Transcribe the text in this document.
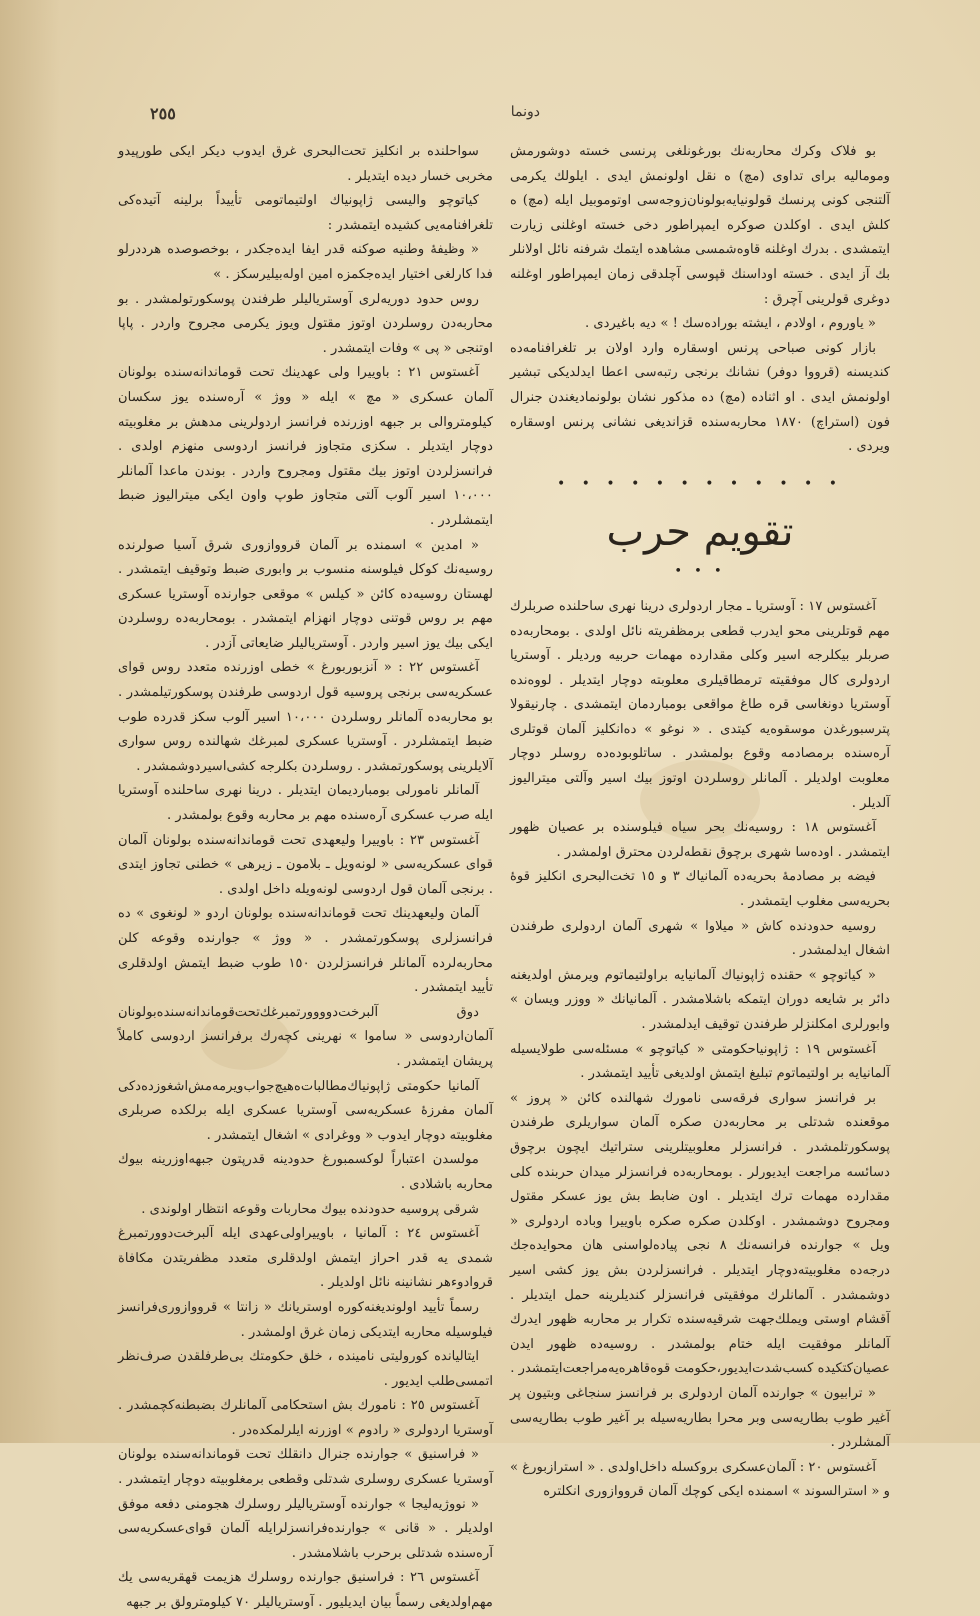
دونما
٢٥٥

بو فلاک وکرك محاربه‌نك بورغونلغی پرنسی خسته دوشورمش وموماليه برای تداوی (مچ) ه نقل اولونمش ايدی . ايلولك يکرمی آلتنجی کونی پرنسك قولونيا‌يه‌بولونان‌زوجه‌سی اوتوموبيل ايله (مچ) ه کلش ايدی . اوکلدن صوکره ايمپراطور دخی خسته اوغلنی زيارت ايتمشدی . بدرك اوغلنه قاوه‌شمسی مشاهده ايتمك شرفنه نائل اولانلر بك آز ايدی . خسته اوداسنك قپوسی آچلدقی زمان ايمپراطور اوغلنه دوغری قولرينی آچرق :

« ياوروم ، اولادم ، ايشته بوراده‌سك ! » ديه باغيردی .

بازار کونی صباحی پرنس اوسقاره وارد اولان بر تلغرافنامه‌ده کنديسنه (قرووا دوفر) نشانك برنجی رتبه‌سی اعطا ايدلديکی تبشير اولونمش ايدی . او اثناده (مچ) ده مذکور نشان بولونماديغندن جنرال فون (استراچ) ١٨٧٠ محاربه‌سنده قزانديغی نشانی پرنس اوسقاره ويردی .

• • • • • • • • • • • •
تقويم حرب
• • •

آغستوس ١٧ : آوستريا ـ مجار اردولری درينا نهری ساحلنده صربلرك مهم قوتلرينی محو ايدرب قطعی برمظفريته نائل اولدی . بومحاربه‌ده صربلر بيکلرجه اسير وکلی مقدارده مهمات حربيه ورديلر . آوستريا اردولری کال موفقيته ترمطاقيلری معلوبته دوچار ايتديلر . لووه‌نده آوستريا دونغاسی قره طاغ مواقعی بومباردمان ايتمشدی . چارنيقولا پترسبورغدن موسقوه‌يه کيتدی . « نوغو » ده‌انکليز آلمان قوتلری آره‌سنده برمصادمه وقوع بولمشدر . ساتلوبوده‌ده روسلر دوچار معلوبت اولديلر . آلمانلر روسلردن اوتوز بيك اسير وآلتی ميتراليوز آلديلر .

آغستوس ١٨ : روسيه‌نك بحر سياه فيلوسنده بر عصيان ظهور ايتمشدر . اوده‌سا شهری برچوق نقطه‌لردن محترق اولمشدر .

فيضه بر مصادمهٔ بحريه‌ده آلمانياك ٣ و ١٥ تخت‌البحری انکليز قوهٔ بحريه‌سی مغلوب ايتمشدر .

روسيه حدودنده کاش « ميلاوا » شهری آلمان اردولری طرفندن اشغال ايدلمشدر .

« کياتوچو » حقنده ژاپونياك آلمانيايه براولتيماتوم ويرمش اولديغنه دائر بر شايعه دوران ايتمکه باشلامشدر . آلمانيانك « ووزر ويسان » وابورلری امکلنزلر طرفندن توقيف ايدلمشدر .

آغستوس ١٩ : ژاپونياحکومتی « کياتوچو » مسئله‌سی طولايسيله آلمانيايه بر اولتيماتوم تبليغ ايتمش اولديغی تأييد ايتمشدر .

بر فرانسز سواری فرقه‌سی نامورك شهالنده کائن « پروز » موقعنده شدتلی بر محاربه‌دن صکره آلمان سواريلری طرفندن پوسکورتلمشدر . فرانسزلر معلوبيتلرينی ستراتيك ايچون برچوق دسائسه‌ مراجعت ايديورلر . بومحاربه‌ده فرانسزلر ميدان حربنده کلی مقدارده مهمات ترك ايتديلر . اون ضابط بش يوز عسکر مقتول ومجروح دوشمشدر . اوکلدن صکره صکره باوييرا وباده اردولری « ويل » جوارنده فرانسه‌نك ٨ نجی پياده‌لواسنی هان محوايده‌جك درجه‌ده مغلوبيته‌دوچار ايتديلر . فرانسزلردن بش يوز کشی اسير دوشمشدر . آلمانلرك موفقيتی فرانسزلر کنديلرينه حمل ايتديلر . آقشام اوستی ويملك‌جهت شرقيه‌سنده تکرار بر محاربه ظهور ايدرك آلمانلر موفقيت ايله ختام بولمشدر . روسيه‌ده ظهور ايدن عصيان‌کتکيده کسب‌شدت‌ايديور،حکومت قوه‌قاهره‌يه‌مراجعت‌ايتمشدر .

« ترابيون » جوارنده آلمان اردولری بر فرانسز سنجاغی وبتيون پر آغير طوب بطاريه‌سی وبر محرا بطاريه‌سيله بر آغير طوب بطاريه‌سی آلمشلردر .

آغستوس ٢٠ : آلمان‌عسکری بروکسله داخل‌اولدی . « استرازبورغ » و « استرالسوند » اسمنده ايکی کوچك آلمان قرووازوری انکلتره

سواحلنده بر انکليز تحت‌البحری غرق ايدوب ديکر ايکی طورپيدو مخربی خسار ديده ايتديلر .

کياتوچو واليسی ژاپونياك اولتيماتومی تأييداً برلينه آتيده‌کی تلغرافنامه‌يی کشيده ايتمشدر :

« وظيفهٔ وطنيه صوکنه قدر ايفا ايده‌جکدر ، بوخصوصده هرددرلو فدا کارلغی اختيار ايده‌جکمزه امين اوله‌بيليرسکز . »

روس حدود دوريه‌لری آوستريالیلر طرفندن پوسکورتولمشدر . بو محاربه‌دن روسلردن اوتوز مقتول ويوز يکرمی مجروح واردر . پاپا اوتنجی « پی » وفات ايتمشدر .

آغستوس ٢١ : باوييرا ولی عهدينك تحت قوماندانه‌سنده بولونان آلمان عسکری « مچ » ايله « ووژ » آره‌سنده يوز سکسان کيلومتروالی بر جبهه اوزرنده فرانسز اردولرينی مدهش بر مغلوبيته دوچار ايتديلر . سکزی متجاوز فرانسز اردوسی منهزم اولدی . فرانسزلردن اوتوز بيك مقتول ومجروح واردر . بوندن ماعدا آلمانلر ١٠،٠٠٠ اسير آلوب آلتی متجاوز طوپ واون ايکی ميتراليوز ضبط ايتمشلردر .

« امدين » اسمنده بر آلمان قرووازوری شرق آسيا صولرنده روسيه‌نك کوکل فيلوسنه منسوب بر وابوری ضبط وتوقيف ايتمشدر . لهستان روسيه‌ده کائن « کيلس » موقعی جوارنده آوستريا عسکری مهم بر روس قوتنی دوچار انهزام ايتمشدر . بومحاربه‌ده روسلردن ايکی بيك يوز اسير واردر . آوستريالیلر ضايعاتی آزدر .

آغستوس ٢٢ : « آنزبوربورغ » خطی اوزرنده متعدد روس قوای عسکريه‌سی برنجی پروسيه قول اردوسی طرفندن پوسکورتيلمشدر . بو محاربه‌ده آلمانلر روسلردن ١٠،٠٠٠ اسير آلوب سکز قدرده طوب ضبط ايتمشلردر . آوستريا عسکری لمبرغك شهالنده روس سواری آلايلرينی پوسکورتمشدر . روسلردن بکلرجه کشی‌اسيردوشمشدر .

آلمانلر نامورلی بومبارديمان ايتديلر . درينا نهری ساحلنده آوستريا ايله صرب عسکری آره‌سنده مهم بر محاربه وقوع بولمشدر .

آغستوس ٢٣ : باوييرا ولیعهدی تحت قوماندانه‌سنده بولونان آلمان قوای عسکريه‌سی « لونه‌ويل ـ بلامون ـ زيرهی » خطنی تجاوز ايتدی . برنجی آلمان قول اردوسی لونه‌ويله داخل اولدی .

آلمان وليعهدينك تحت قوماندانه‌سنده بولونان اردو « لونغوی » ده فرانسزلری پوسکورتمشدر . « ووژ » جوارنده وقوعه کلن محاربه‌لرده آلمانلر فرانسزلردن ١٥٠ طوب ضبط ايتمش اولدقلری تأييد ايتمشدر .

دوق آلبرخت‌دوووورتمبرغك‌تحت‌قوماندانه‌سنده‌بولونان آلمان‌اردوسی « ساموا » نهرينی کچه‌رك برفرانسز اردوسی کاملاً پريشان ايتمشدر .

آلمانيا حکومتی ژاپونياك‌مطالبات‌ه‌هيچ‌جواب‌ويرمه‌مش‌اشغوزده‌دکی آلمان مفرزهٔ عسکريه‌سی آوستريا عسکری ايله برلکده صربلری مغلوبيته دوچار ايدوب « ووغرادی » اشغال ايتمشدر .

مولسدن اعتباراً لوکسمبورغ حدودينه قدرپتون جبهه‌اوزرينه بيوك محاربه باشلادی .

شرقی پروسيه حدودنده بيوك محاربات وقوعه انتظار اولوندی .

آغستوس ٢٤ : آلمانيا ، باوييراولی‌عهدی ايله آلبرخت‌دوورتمبرغ شمدی يه قدر احراز ايتمش اولدقلری متعدد مظفريتدن مکافاة قروادوءهر نشانينه نائل اولديلر .

رسماً تأييد اولونديغنه‌کوره اوستريانك « زانتا » قرووازوری‌فرانسز فيلوسيله محاربه ايتديکی زمان غرق اولمشدر .

ايتاليانده کوروليتی نامينده ، خلق حکومتك بی‌طرفلقدن صرف‌نظر اتمسی‌طلب ايديور .

آغستوس ٢٥ : نامورك بش استحکامی آلمانلرك بضبطنه‌کچمشدر . آوستريا اردولری « رادوم » اوزرنه ايلرلمکده‌در .

« فراسنيق » جوارنده جنرال دانقلك تحت قوماندانه‌سنده بولونان آوستريا عسکری روسلری شدتلی وقطعی برمغلوبيته دوچار ايتمشدر .

« نووژيه‌ليجا » جوارنده آوستريالیلر روسلرك هجومنی دفعه موفق اولديلر . « قانی » جوارنده‌فرانسزلرايله آلمان قوای‌عسکريه‌سی آره‌سنده شدتلی برحرب باشلامشدر .

آغستوس ٢٦ : فراسنيق جوارنده روسلرك هزيمت قهقريه‌سی يك مهم‌اولديغی رسماً بيان ايديليور . آوستريالیلر ٧٠ کيلومترولق بر جبهه
